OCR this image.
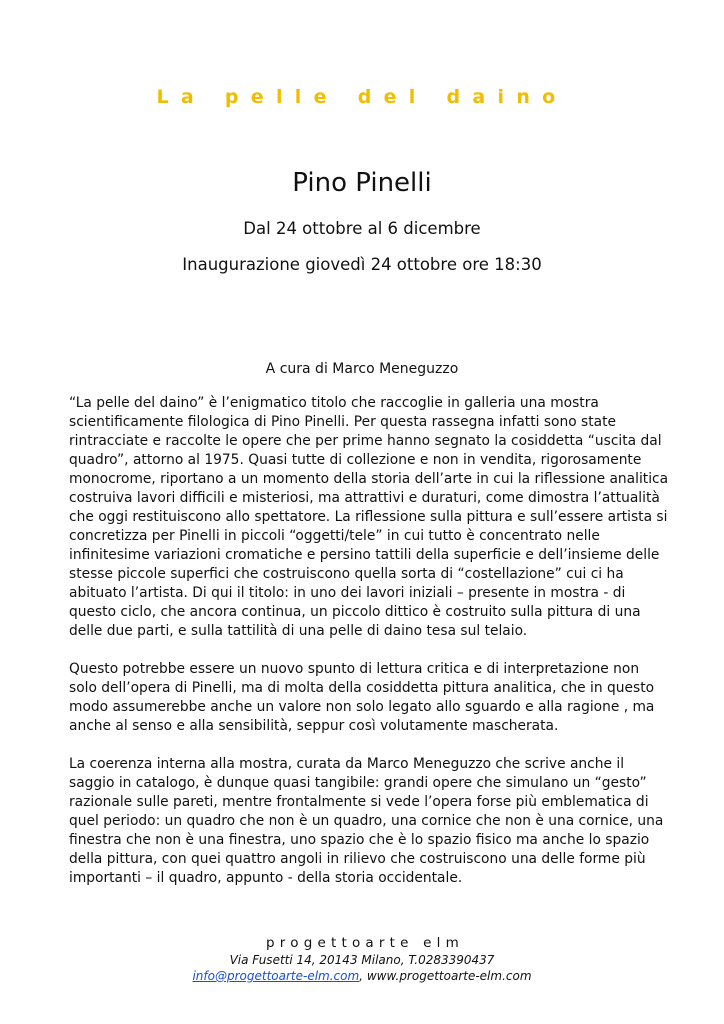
La pelle del daino
Pino Pinelli
Dal 24 ottobre al 6 dicembre
Inaugurazione giovedì 24 ottobre ore 18:30
A cura di Marco Meneguzzo

“La pelle del daino” è l’enigmatico titolo che raccoglie in galleria una mostra scientificamente filologica di Pino Pinelli. Per questa rassegna infatti sono state rintracciate e raccolte le opere che per prime hanno segnato la cosiddetta “uscita dal quadro”, attorno al 1975. Quasi tutte di collezione e non in vendita, rigorosamente monocrome, riportano a un momento della storia dell’arte in cui la riflessione analitica costruiva lavori difficili e misteriosi, ma attrattivi e duraturi, come dimostra l’attualità che oggi restituiscono allo spettatore. La riflessione sulla pittura e sull’essere artista si concretizza per Pinelli in piccoli “oggetti/tele” in cui tutto è concentrato nelle infinitesime variazioni cromatiche e persino tattili della superficie e dell’insieme delle stesse piccole superfici che costruiscono quella sorta di “costellazione” cui ci ha abituato l’artista. Di qui il titolo: in uno dei lavori iniziali – presente in mostra - di questo ciclo, che ancora continua, un piccolo dittico è costruito sulla pittura di una delle due parti, e sulla tattilità di una pelle di daino tesa sul telaio.

Questo potrebbe essere un nuovo spunto di lettura critica e di interpretazione non solo dell’opera di Pinelli, ma di molta della cosiddetta pittura analitica, che in questo modo assumerebbe anche un valore non solo legato allo sguardo e alla ragione , ma anche al senso e alla sensibilità, seppur così volutamente mascherata.

La coerenza interna alla mostra, curata da Marco Meneguzzo che scrive anche il saggio in catalogo, è dunque quasi tangibile: grandi opere che simulano un “gesto” razionale sulle pareti, mentre frontalmente si vede l’opera forse più emblematica di quel periodo: un quadro che non è un quadro, una cornice che non è una cornice, una finestra che non è una finestra, uno spazio che è lo spazio fisico ma anche lo spazio della pittura, con quei quattro angoli in rilievo che costruiscono una delle forme più importanti – il quadro, appunto - della storia occidentale.

progettoarte elm
Via Fusetti 14, 20143 Milano, T.0283390437
info@progettoarte-elm.com, www.progettoarte-elm.com
